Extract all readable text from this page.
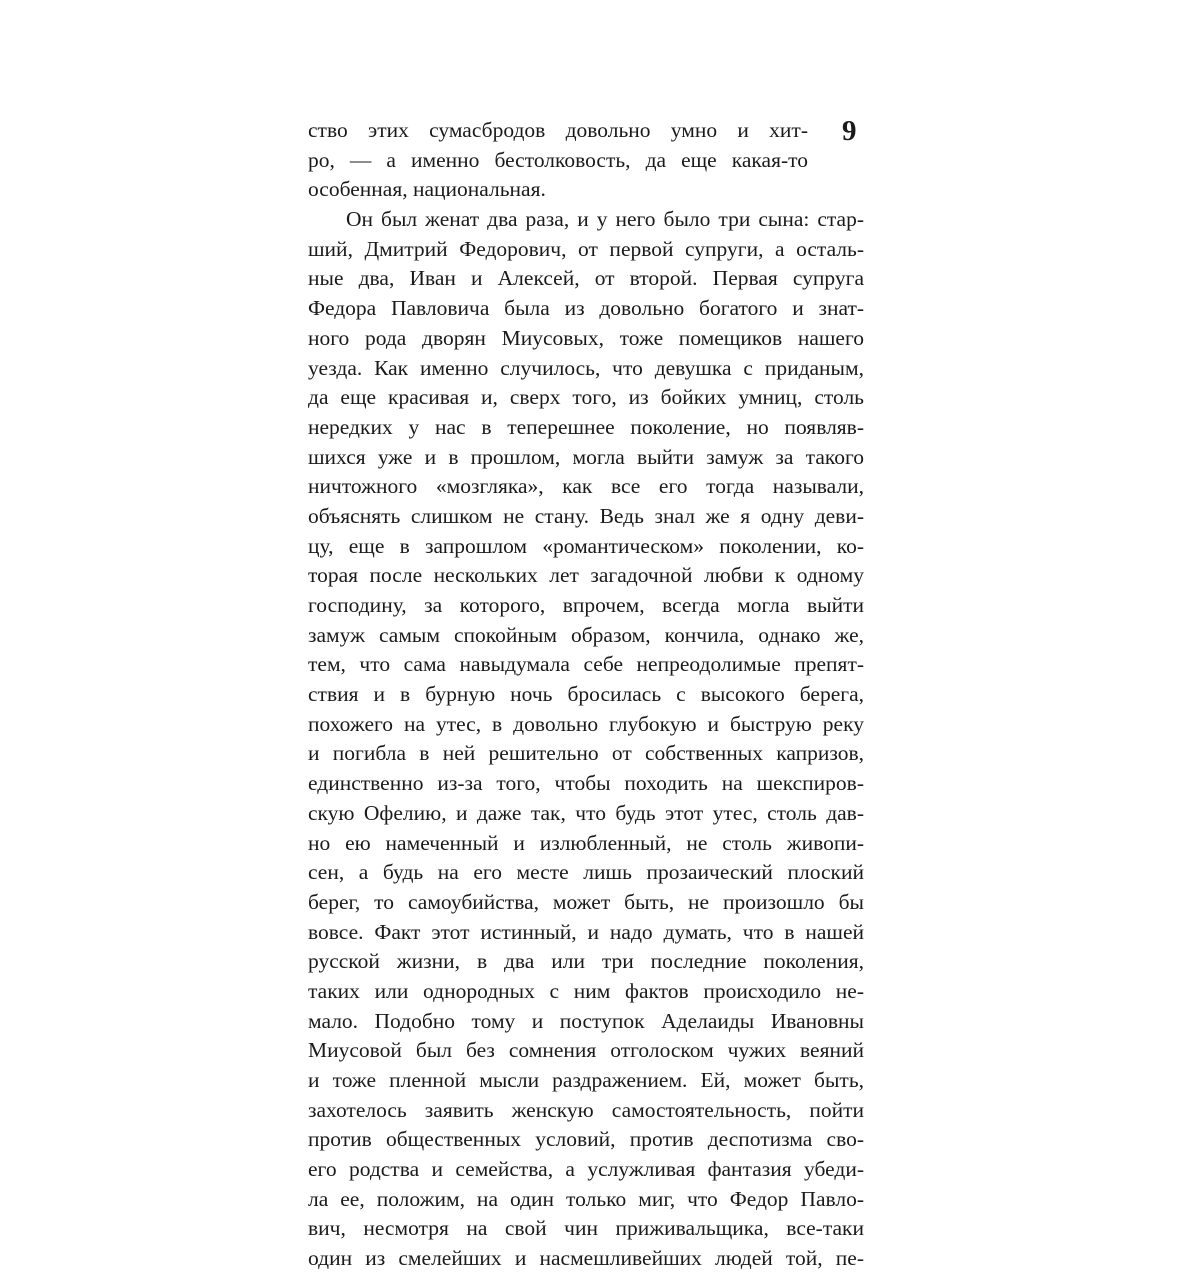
9
ство этих сумасбродов довольно умно и хит-
ро, — а именно бестолковость, да еще какая-то
особенная, национальная.
Он был женат два раза, и у него было три сына: стар-
ший, Дмитрий Федорович, от первой супруги, а осталь-
ные два, Иван и Алексей, от второй. Первая супруга
Федора Павловича была из довольно богатого и знат-
ного рода дворян Миусовых, тоже помещиков нашего
уезда. Как именно случилось, что девушка с приданым,
да еще красивая и, сверх того, из бойких умниц, столь
нередких у нас в теперешнее поколение, но появляв-
шихся уже и в прошлом, могла выйти замуж за такого
ничтожного «мозгляка», как все его тогда называли,
объяснять слишком не стану. Ведь знал же я одну деви-
цу, еще в запрошлом «романтическом» поколении, ко-
торая после нескольких лет загадочной любви к одному
господину, за которого, впрочем, всегда могла выйти
замуж самым спокойным образом, кончила, однако же,
тем, что сама навыдумала себе непреодолимые препят-
ствия и в бурную ночь бросилась с высокого берега,
похожего на утес, в довольно глубокую и быструю реку
и погибла в ней решительно от собственных капризов,
единственно из-за того, чтобы походить на шекспиров-
скую Офелию, и даже так, что будь этот утес, столь дав-
но ею намеченный и излюбленный, не столь живопи-
сен, а будь на его месте лишь прозаический плоский
берег, то самоубийства, может быть, не произошло бы
вовсе. Факт этот истинный, и надо думать, что в нашей
русской жизни, в два или три последние поколения,
таких или однородных с ним фактов происходило не-
мало. Подобно тому и поступок Аделаиды Ивановны
Миусовой был без сомнения отголоском чужих веяний
и тоже пленной мысли раздражением. Ей, может быть,
захотелось заявить женскую самостоятельность, пойти
против общественных условий, против деспотизма сво-
его родства и семейства, а услужливая фантазия убеди-
ла ее, положим, на один только миг, что Федор Павло-
вич, несмотря на свой чин приживальщика, все-таки
один из смелейших и насмешливейших людей той, пе-
